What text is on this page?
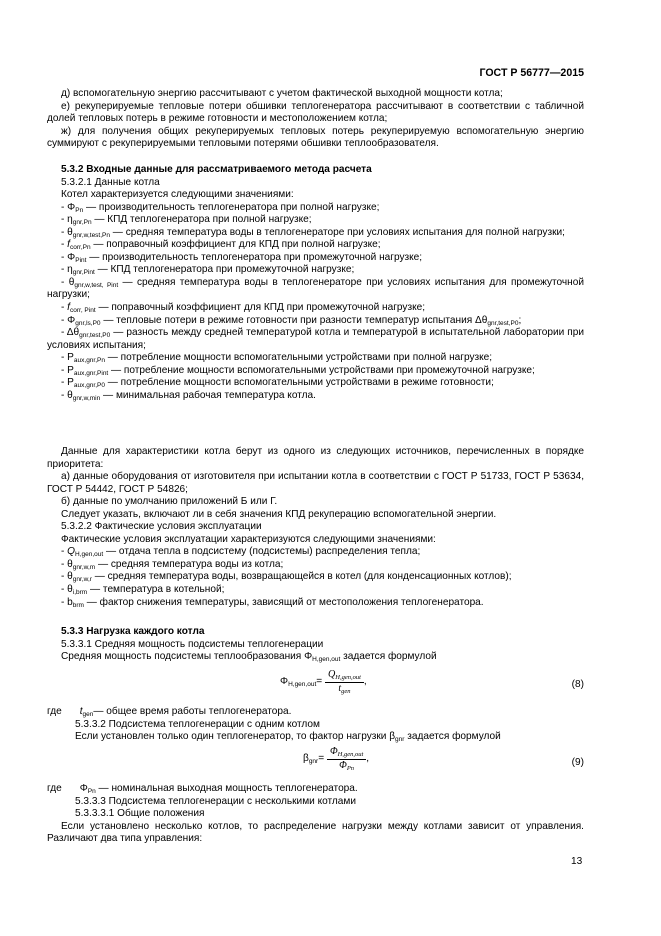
ГОСТ Р 56777—2015

д) вспомогательную энергию рассчитывают с учетом фактической выходной мощности котла;

е) рекуперируемые тепловые потери обшивки теплогенератора рассчитывают в соответствии с табличной долей тепловых потерь в режиме готовности и местоположением котла;

ж) для получения общих рекуперируемых тепловых потерь рекуперируемую вспомогательную энергию суммируют с рекуперируемыми тепловыми потерями обшивки теплообразователя.

5.3.2 Входные данные для рассматриваемого метода расчета

5.3.2.1 Данные котла

Котел характеризуется следующими значениями:

- $\Phi_{Pn}$ — производительность теплогенератора при полной нагрузке;

- $\eta_{gnr,Pn}$ — КПД теплогенератора при полной нагрузке;

- $\theta_{gnr,w,test,Pn}$ — средняя температура воды в теплогенераторе при условиях испытания для полной нагрузки;

- $f_{corr,Pn}$ — поправочный коэффициент для КПД при полной нагрузке;

- $\Phi_{Pint}$ — производительность теплогенератора при промежуточной нагрузке;

- $\eta_{gnr,Pint}$ — КПД теплогенератора при промежуточной нагрузке;

- $\theta_{gnr,w,test, Pint}$ — средняя температура воды в теплогенераторе при условиях испытания для промежуточной нагрузки;

- $f_{corr, Pint}$ — поправочный коэффициент для КПД при промежуточной нагрузке;

- $\Phi_{gnr,ls,P0}$ — тепловые потери в режиме готовности при разности температур испытания $\Delta\theta_{gnr,test,P0}$;

- $\Delta\theta_{gnr,test,P0}$ — разность между средней температурой котла и температурой в испытательной лаборатории при условиях испытания;

- $P_{aux,gnr,Pn}$ — потребление мощности вспомогательными устройствами при полной нагрузке;

- $P_{aux,gnr,Pint}$ — потребление мощности вспомогательными устройствами при промежуточной нагрузке;

- $P_{aux,gnr,P0}$ — потребление мощности вспомогательными устройствами в режиме готовности;

- $\theta_{gnr,w,min}$ — минимальная рабочая температура котла.

Данные для характеристики котла берут из одного из следующих источников, перечисленных в порядке приоритета:

а) данные оборудования от изготовителя при испытании котла в соответствии с ГОСТ Р 51733, ГОСТ Р 53634, ГОСТ Р 54442, ГОСТ Р 54826;

б) данные по умолчанию приложений Б или Г.

Следует указать, включают ли в себя значения КПД рекуперацию вспомогательной энергии.

5.3.2.2 Фактические условия эксплуатации

Фактические условия эксплуатации характеризуются следующими значениями:

- $Q_{H,gen,out}$ — отдача тепла в подсистему (подсистемы) распределения тепла;

- $\theta_{gnr,w,m}$ — средняя температура воды из котла;

- $\theta_{gnr,w,r}$ — средняя температура воды, возвращающейся в котел (для конденсационных котлов);

- $\theta_{i,brm}$ — температура в котельной;

- $b_{brm}$ — фактор снижения температуры, зависящий от местоположения теплогенератора.

5.3.3 Нагрузка каждого котла

5.3.3.1 Средняя мощность подсистемы теплогенерации

Средняя мощность подсистемы теплообразования $\Phi_{H,gen,out}$ задается формулой

$\Phi_{H,gen,out}= \frac{Q_{H,gen,out}}{t_{gen}}$ ,	(8)

где $t_{gen}—$ общее время работы теплогенератора.

5.3.3.2 Подсистема теплогенерации с одним котлом

Если установлен только один теплогенератор, то фактор нагрузки $\beta_{gnr}$ задается формулой

$\beta_{gnr}= \frac{\Phi_{H,gen,out}}{\Phi_{Pn}}$ ,	(9)

где $\Phi_{Pn}$ — номинальная выходная мощность теплогенератора.

5.3.3.3 Подсистема теплогенерации с несколькими котлами

5.3.3.3.1 Общие положения

Если установлено несколько котлов, то распределение нагрузки между котлами зависит от управления. Различают два типа управления:

13
